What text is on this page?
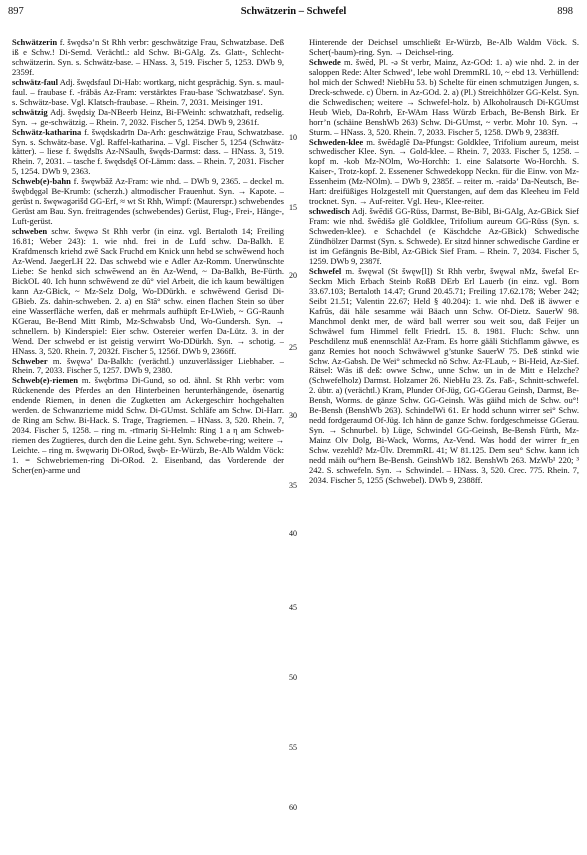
897	Schwätzerin – Schwefel	898

Schwätzerin f. šwędsǝ’n St Rhh verbr: geschwätzige Frau, Schwatzbase. Deß iß e Schw.! Di-Semd. Verächtl.: ald Schw. Bi-GAlg. Zs. Glatt-, Schlecht-schwätzerin. Syn. s. Schwätz-base. – HNass. 3, 519. Fischer 5, 1253. DWb 9, 2359f.

schwätz-faul Adj. šwędsfaul Di-Hab: wortkarg, nicht gesprächig. Syn. s. maul-faul. – fraubase f. -fräbäs Az-Fram: verstärktes Frau-base 'Schwatzbase'. Syn. s. Schwätz-base. Vgl. Klatsch-fraubase. – Rhein. 7, 2031. Meisinger 191.

schwätzig Adj. šwędsiχ Da-NBeerb Heinz, Bi-FWeinh: schwatzhaft, redselig. Syn. → ge-schwätzig. – Rhein. 7, 2032. Fischer 5, 1254. DWb 9, 2361f.

Schwätz-katharina f. šwędskadrīn Da-Arh: geschwätzige Frau, Schwatzbase. Syn. s. Schwätz-base. Vgl. Raffel-katharina. – Vgl. Fischer 5, 1254 (Schwätz-kätter). – liese f. šwędslīs Az-NSaulh, šwęds-Darmst: dass. – HNass. 3, 519. Rhein. 7, 2031. – tasche f. šwędsdęš Of-Lämm: dass. – Rhein. 7, 2031. Fischer 5, 1254. DWb 9, 2363.

Schweb(e)-bahn f. šwęwbāž Az-Fram: wie nhd. – DWb 9, 2365. – deckel m. šwębdęgǝl Be-Krumb: (scherzh.) altmodischer Frauenhut. Syn. → Kapote. – gerüst n. šwęwǝgǝrišd GG-Erf, ≈ wt St Rhh, Wimpf: (Maurerspr.) schwebendes Gerüst am Bau. Syn. freitragendes (schwebendes) Gerüst, Flug-, Frei-, Hänge-, Luft-gerüst.

schweben schw. šwęwǝ St Rhh verbr (in einz. vgl. Bertaloth 14; Freiling 16.81; Weber 243): 1. wie nhd. frei in de Lufd schw. Da-Balkh. E Krafdmensch kriehd zwē Sack Fruchd em Knick unn hebd se schwēwend hoch Az-Wend. JaegerLH 22. Das schwebd wie e Adler Az-Romm. Unerwünschte Liebe: Se henkd sich schwēwend an ën Az-Wend, ~ Da-Balkh, Be-Fürth. BickOL 40. Ich hunn schwēwend ze dū° viel Arbeit, die ich kaum bewältigen kann Az-GBick, ~ Mz-Selz Dolg, Wo-DDürkh. e schwēwend Gerisd Di-GBieb. Zs. dahin-schweben. 2. a) en Sīā° schw. einen flachen Stein so über eine Wasserfläche werfen, daß er mehrmals aufhüpft Er-LWieb, ~ GG-Raunh KGerau, Be-Bend Mitt Rimb, Mz-Schwabsb Und, Wo-Gundersh. Syn. → schnellern. b) Kinderspiel: Eier schw. Ostereier werfen Da-Lütz. 3. in der Wend. Der schwebd er ist geistig verwirrt Wo-DDürkh. Syn. → schotig. – HNass. 3, 520. Rhein. 7, 2032f. Fischer 5, 1256f. DWb 9, 2366ff.

Schweber m. šwęwǝ’ Da-Balkh: (verächtl.) unzuverlässiger Liebhaber. – Rhein. 7, 2033. Fischer 5, 1257. DWb 9, 2380.

Schweb(e)-riemen m. šwębrīmǝ Di-Gund, so od. ähnl. St Rhh verbr: vom Rückenende des Pferdes an den Hinterbeinen herunterhängende, ösenartig endende Riemen, in denen die Zugketten am Ackergeschirr hochgehalten werden. de Schwanzrieme midd Schw. Di-GUmst. Schläfe am Schw. Di-Harr. de Ring am Schw. Bi-Hack. S. Trage, Tragriemen. – HNass. 3, 520. Rhein. 7, 2034. Fischer 5, 1258. – ring m. -rīmǝriŋ Si-Helmh: Ring 1 a η am Schweb-riemen des Zugtieres, durch den die Leine geht. Syn. Schwebe-ring; weitere → Leichte. – ring m. šwęwǝriŋ Di-ORod, šwęb- Er-Würzb, Be-Alb Waldm Vöck: 1. = Schwebriemen-ring Di-ORod. 2. Eisenband, das Vorderende der Scher(en)-arme und

10
15
20
25
30
35
40
45
50
55
60

Hinterende der Deichsel umschließt Er-Würzb, Be-Alb Waldm Vöck. S. Scher(-baum)-ring. Syn. → Deichsel-ring.

Schwede m. šwēd, Pl. -ǝ St verbr, Mainz, Az-GOd: 1. a) wie nhd. 2. in der saloppen Rede: Alter Schwed’, lebe wohl DremmRL 10, ~ ebd 13. Verhüllend: hol mich der Schwed! NiebHu 53. b) Schelte für einen schmutzigen Jungen, s. Dreck-schwede. c) Übern. in Az-GOd. 2. a) (Pl.) Streichhölzer GG-Kelst. Syn. die Schwedischen; weitere → Schwefel-holz. b) Alkoholrausch Di-KGUmst Heub Wieb, Da-Rohrb, Er-WAm Hass Würzb Erbach, Be-Bensh Birk. Er horr’n (schäine BenshWb 263) Schw. Di-GUmst, ~ verbr. Mohr 10. Syn. → Sturm. – HNass. 3, 520. Rhein. 7, 2033. Fischer 5, 1258. DWb 9, 2383ff.

Schweden-klee m. šwēdǝglē Da-Pfungst: Goldklee, Trifolium aureum, meist schwedischer Klee. Syn. → Gold-klee. – Rhein. 7, 2033. Fischer 5, 1258. – kopf m. -kob Mz-NOlm, Wo-Horchh: 1. eine Salatsorte Wo-Horchh. S. Kaiser-, Trotz-kopf. 2. Essenener Schwedekopp Neckn. für die Einw. von Mz-Essenheim (Mz-NOlm). – DWb 9, 2385f. – reiter m. -raidǝ’ Da-Neutsch, Be-Hart: dreifüßiges Holzgestell mit Querstangen, auf dem das Kleeheu im Feld trocknet. Syn. → Auf-reiter. Vgl. Heu-, Klee-reiter.

schwedisch Adj. šwēdiš GG-Rüss, Darmst, Be-Bibl, Bi-GAlg, Az-GBick Sief Fram: wie nhd. šwēdišǝ glē Goldklee, Trifolium aureum GG-Rüss (Syn. s. Schweden-klee). e Schachdel (e Käschdche Az-GBick) Schwedische Zündhölzer Darmst (Syn. s. Schwede). Er sitzd hinner schwedische Gardine er ist im Gefängnis Be-Bibl, Az-GBick Sief Fram. – Rhein. 7, 2034. Fischer 5, 1259. DWb 9, 2387f.

Schwefel m. šwęwǝl (St šwęw[l]) St Rhh verbr, šwęwǝl nMz, šwefǝl Er-Seckm Mich Erbach Steinb RoßB DErb Erl Lauerb (in einz. vgl. Born 33.67.103; Bertaloth 14.47; Grund 20.45.71; Freiling 17.62.178; Weber 242; Seibt 21.51; Valentin 22.67; Held § 40.204): 1. wie nhd. Deß iß äwwer e Kafrūs, däi häle sesamme wäi Bäach unn Schw. Of-Dietz. SauerW 98. Manchmol denkt mer, de wärd ball werrer sou weit sou, daß Feijer un Schwäwel fum Himmel fellt FriedrL 15. 8. 1981. Fluch: Schw. unn Peschdilenz muß enennschlä! Az-Fram. Es horre gääli Stichflamm gäwwe, es ganz Remies hot nooch Schwäwwel g’stunke SauerW 75. Deß stinkd wie Schw. Az-Gabsh. De Wei° schmeckd nō Schw. Az-FLaub, ~ Bi-Heid, Az-Sief. Rätsel: Wäs iß deß: owwe Schw., unne Schw. un in de Mitt e Helzche? (Schwefelholz) Darmst. Holzamer 26. NiebHu 23. Zs. Faß-, Schnitt-schwefel. 2. übtr. a) (verächtl.) Kram, Plunder Of-Jüg, GG-GGerau Geinsh, Darmst, Be-Bensh, Worms. de gänze Schw. GG-Geinsh. Wäs gäihd mich de Schw. ou°! Be-Bensh (BenshWb 263). SchindelWi 61. Er hodd schunn wirrer sei° Schw. nedd fordgeraumd Of-Jüg. Ich hänn de ganze Schw. fordgeschmeisse GGerau. Syn. → Schnurbel. b) Lüge, Schwindel GG-Geinsh, Be-Bensh Fürth, Mz-Mainz Olv Dolg, Bi-Wack, Worms, Az-Vend. Was hodd der wirrer fr_en Schw. vezehld? Mz-Ülv. DremmRL 41; W 81.125. Dem seu° Schw. kann ich nedd mäih ou°hern Be-Bensh. GeinshWb 182. BenshWb 263. MzWb¹ 220; ³ 242. S. schwefeln. Syn. → Schwindel. – HNass. 3, 520. Crec. 775. Rhein. 7, 2034. Fischer 5, 1255 (Schwebel). DWb 9, 2388ff.
